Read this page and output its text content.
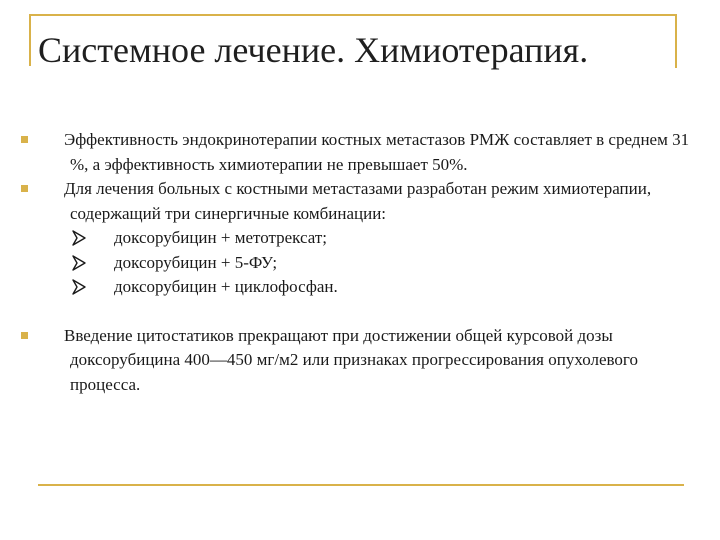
Системное лечение. Химиотерапия.

Эффективность эндокринотерапии костных метастазов РМЖ составляет в среднем 31 %, а эффективность химиотерапии не превышает 50%.

Для лечения больных с костными метастазами разработан режим химиотерапии, содержащий три синергичные комбинации:

доксорубицин + метотрексат;

доксорубицин + 5-ФУ;

доксорубицин + циклофосфан.

Введение цитостатиков прекращают при достижении общей курсовой дозы доксорубицина 400—450 мг/м2 или признаках прогрессирования опухолевого процесса.
